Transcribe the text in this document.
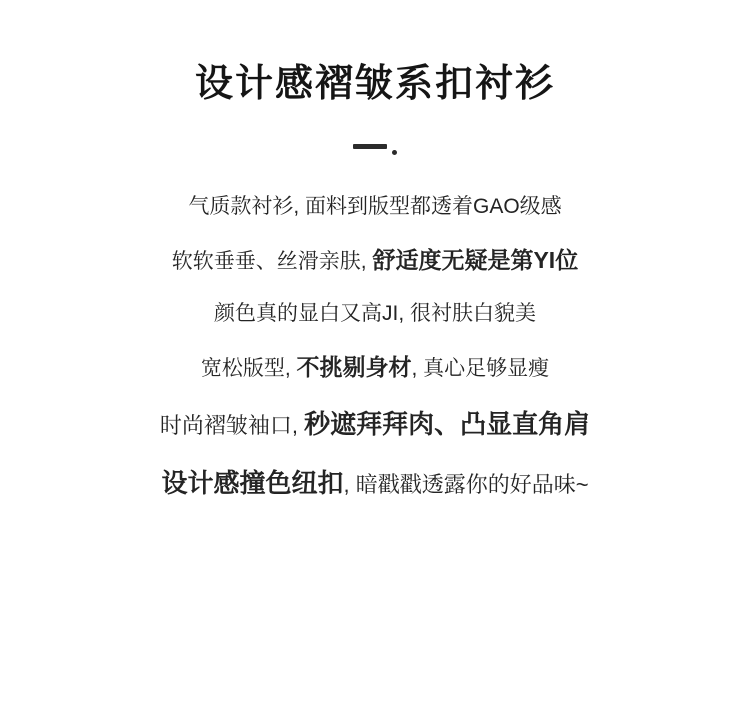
设计感褶皱系扣衬衫
气质款衬衫, 面料到版型都透着GAO级感
软软垂垂、丝滑亲肤, 舒适度无疑是第YI位
颜色真的显白又高JI, 很衬肤白貌美
宽松版型, 不挑剔身材, 真心足够显瘦
时尚褶皱袖口, 秒遮拜拜肉、凸显直角肩
设计感撞色纽扣, 暗戳戳透露你的好品味~
